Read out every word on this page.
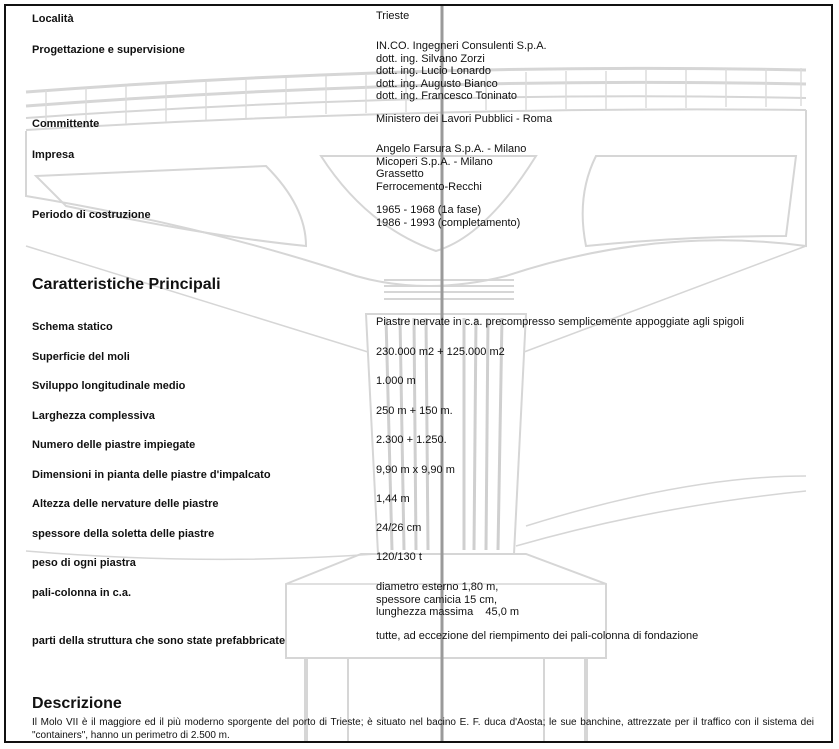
Località	Trieste
Progettazione e supervisione	IN.CO. Ingegneri Consulenti S.p.A.
dott. ing. Silvano Zorzi
dott. ing. Lucio Lonardo
dott. ing. Augusto Bianco
dott. ing. Francesco Toninato
Committente	Ministero dei Lavori Pubblici - Roma
Impresa	Angelo Farsura S.p.A. - Milano
Micoperi S.p.A. - Milano
Grassetto
Ferrocemento-Recchi
Periodo di costruzione	1965 - 1968 (1a fase)
1986 - 1993 (completamento)
Caratteristiche Principali
Schema statico	Piastre nervate in c.a. precompresso semplicemente appoggiate agli spigoli
Superficie del moli	230.000 m2 + 125.000 m2
Sviluppo longitudinale medio	1.000 m
Larghezza complessiva	250 m + 150 m.
Numero delle piastre impiegate	2.300 + 1.250.
Dimensioni in pianta delle piastre d'impalcato	9,90 m x 9,90 m
Altezza delle nervature delle piastre	1,44 m
spessore della soletta delle piastre	24/26 cm
peso di ogni piastra	120/130 t
pali-colonna in c.a.	diametro esterno 1,80 m,
spessore camicia 15 cm,
lunghezza massima    45,0 m
parti della struttura che sono state prefabbricate	tutte, ad eccezione del riempimento dei pali-colonna di fondazione
Descrizione
Il Molo VII è il maggiore ed il più moderno sporgente del porto di Trieste; è situato nel bacino E. F. duca d'Aosta; le sue banchine, attrezzate per il traffico con il sistema dei "containers", hanno un perimetro di 2.500 m.
